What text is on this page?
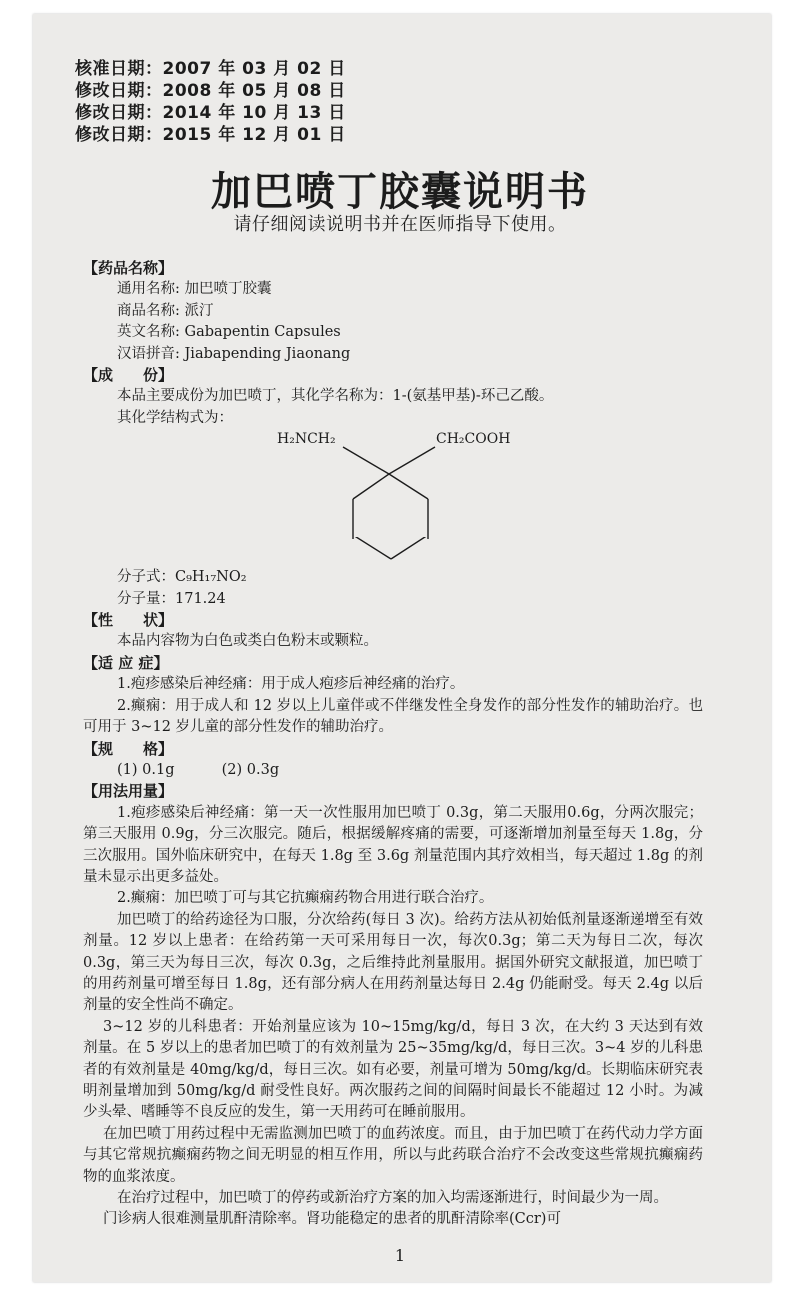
核准日期：2007 年 03 月 02 日
修改日期：2008 年 05 月 08 日
修改日期：2014 年 10 月 13 日
修改日期：2015 年 12 月 01 日
加巴喷丁胶囊说明书
请仔细阅读说明书并在医师指导下使用。
【药品名称】
通用名称: 加巴喷丁胶囊
商品名称: 派汀
英文名称: Gabapentin Capsules
汉语拼音: Jiabapending Jiaonang
【成　　份】
本品主要成份为加巴喷丁，其化学名称为：1-(氨基甲基)-环己乙酸。
其化学结构式为：
H₂NCH₂	CH₂COOH
分子式：C₉H₁₇NO₂
分子量：171.24
【性　　状】
本品内容物为白色或类白色粉末或颗粒。
【适 应 症】

1.疱疹感染后神经痛：用于成人疱疹后神经痛的治疗。

2.癫痫：用于成人和 12 岁以上儿童伴或不伴继发性全身发作的部分性发作的辅助治疗。也可用于 3~12 岁儿童的部分性发作的辅助治疗。

【规　　格】
(1) 0.1g	(2) 0.3g
【用法用量】

1.疱疹感染后神经痛：第一天一次性服用加巴喷丁 0.3g，第二天服用0.6g，分两次服完；第三天服用 0.9g，分三次服完。随后，根据缓解疼痛的需要，可逐渐增加剂量至每天 1.8g，分三次服用。国外临床研究中，在每天 1.8g 至 3.6g 剂量范围内其疗效相当，每天超过 1.8g 的剂量未显示出更多益处。

2.癫痫：加巴喷丁可与其它抗癫痫药物合用进行联合治疗。

加巴喷丁的给药途径为口服，分次给药(每日 3 次)。给药方法从初始低剂量逐渐递增至有效剂量。12 岁以上患者：在给药第一天可采用每日一次，每次0.3g；第二天为每日二次，每次 0.3g，第三天为每日三次，每次 0.3g，之后维持此剂量服用。据国外研究文献报道，加巴喷丁的用药剂量可增至每日 1.8g，还有部分病人在用药剂量达每日 2.4g 仍能耐受。每天 2.4g 以后剂量的安全性尚不确定。

3~12 岁的儿科患者：开始剂量应该为 10~15mg/kg/d，每日 3 次，在大约 3 天达到有效剂量。在 5 岁以上的患者加巴喷丁的有效剂量为 25~35mg/kg/d，每日三次。3~4 岁的儿科患者的有效剂量是 40mg/kg/d，每日三次。如有必要，剂量可增为 50mg/kg/d。长期临床研究表明剂量增加到 50mg/kg/d 耐受性良好。两次服药之间的间隔时间最长不能超过 12 小时。为减少头晕、嗜睡等不良反应的发生，第一天用药可在睡前服用。

在加巴喷丁用药过程中无需监测加巴喷丁的血药浓度。而且，由于加巴喷丁在药代动力学方面与其它常规抗癫痫药物之间无明显的相互作用，所以与此药联合治疗不会改变这些常规抗癫痫药物的血浆浓度。

在治疗过程中，加巴喷丁的停药或新治疗方案的加入均需逐渐进行，时间最少为一周。

门诊病人很难测量肌酐清除率。肾功能稳定的患者的肌酐清除率(Ccr)可

1
